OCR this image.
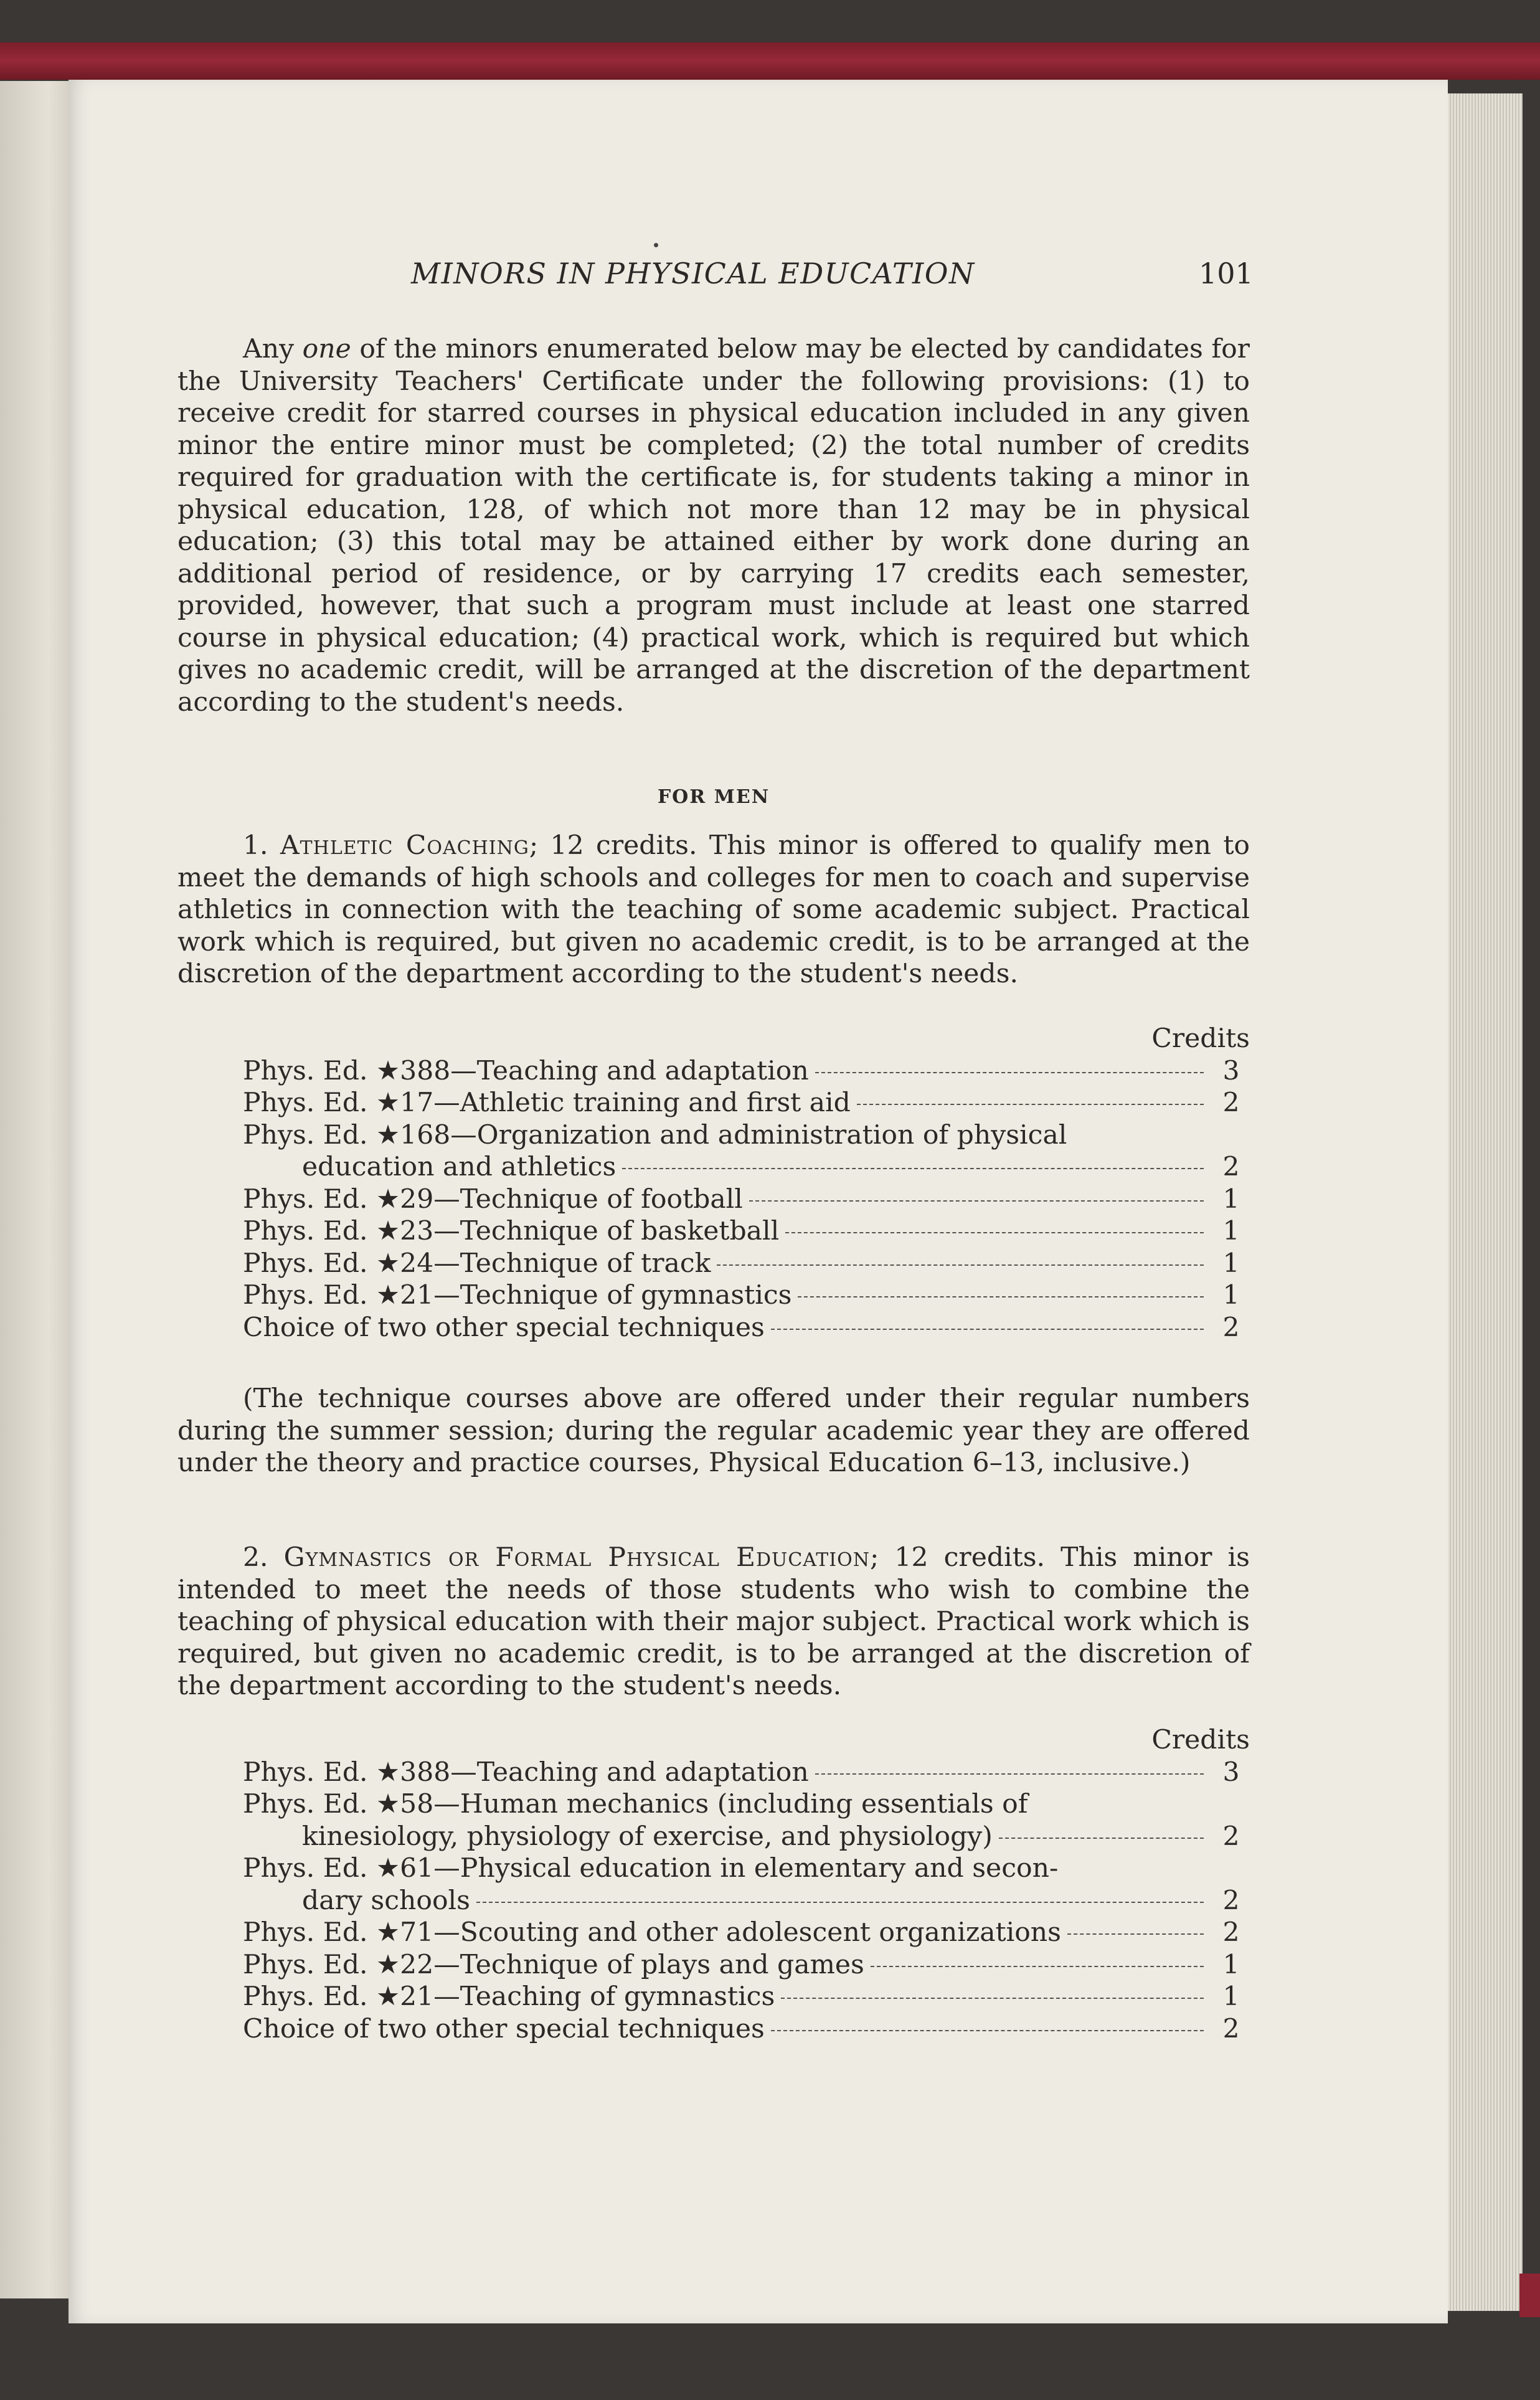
MINORS IN PHYSICAL EDUCATION	101
Any one of the minors enumerated below may be elected by candidates for the University Teachers' Certificate under the following provisions: (1) to receive credit for starred courses in physical education included in any given minor the entire minor must be completed; (2) the total number of credits required for graduation with the certificate is, for students taking a minor in physical education, 128, of which not more than 12 may be in physical education; (3) this total may be attained either by work done during an additional period of residence, or by carrying 17 credits each semester, provided, however, that such a program must include at least one starred course in physical education; (4) practical work, which is required but which gives no academic credit, will be arranged at the discretion of the department according to the student's needs.
FOR MEN
1. Athletic Coaching; 12 credits. This minor is offered to qualify men to meet the demands of high schools and colleges for men to coach and supervise athletics in connection with the teaching of some academic subject. Practical work which is required, but given no academic credit, is to be arranged at the discretion of the department according to the student's needs.
Credits
Phys. Ed. ★388—Teaching and adaptation	3
Phys. Ed. ★17—Athletic training and first aid	2
Phys. Ed. ★168—Organization and administration of physical
education and athletics	2
Phys. Ed. ★29—Technique of football	1
Phys. Ed. ★23—Technique of basketball	1
Phys. Ed. ★24—Technique of track	1
Phys. Ed. ★21—Technique of gymnastics	1
Choice of two other special techniques	2
(The technique courses above are offered under their regular numbers during the summer session; during the regular academic year they are offered under the theory and practice courses, Physical Education 6–13, inclusive.)
2. Gymnastics or Formal Physical Education; 12 credits. This minor is intended to meet the needs of those students who wish to combine the teaching of physical education with their major subject. Practical work which is required, but given no academic credit, is to be arranged at the discretion of the department according to the student's needs.
Credits
Phys. Ed. ★388—Teaching and adaptation	3
Phys. Ed. ★58—Human mechanics (including essentials of
kinesiology, physiology of exercise, and physiology)	2
Phys. Ed. ★61—Physical education in elementary and secon-
dary schools	2
Phys. Ed. ★71—Scouting and other adolescent organizations	2
Phys. Ed. ★22—Technique of plays and games	1
Phys. Ed. ★21—Teaching of gymnastics	1
Choice of two other special techniques	2
